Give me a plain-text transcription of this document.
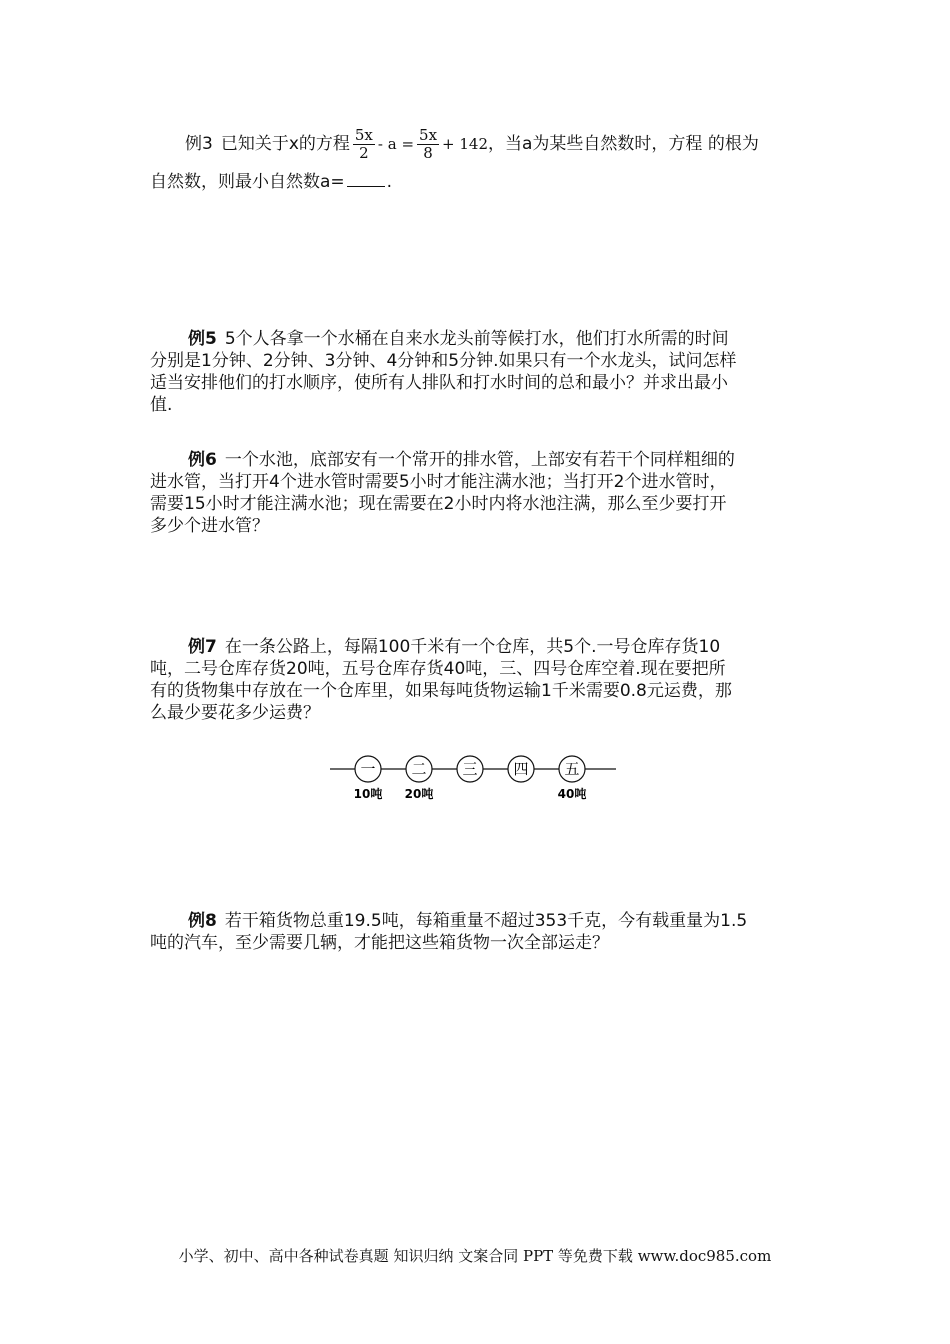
例3 已知关于x的方程 $\frac{5x}{2} - a = \frac{5x}{8} + 142$ ，当a为某些自然数时，方程 的根为
自然数，则最小自然数a= .
例5 5个人各拿一个水桶在自来水龙头前等候打水，他们打水所需的时间
分别是1分钟、2分钟、3分钟、4分钟和5分钟.如果只有一个水龙头，试问怎样
适当安排他们的打水顺序，使所有人排队和打水时间的总和最小？并求出最小
值.
例6 一个水池，底部安有一个常开的排水管，上部安有若干个同样粗细的
进水管，当打开4个进水管时需要5小时才能注满水池；当打开2个进水管时，
需要15小时才能注满水池；现在需要在2小时内将水池注满，那么至少要打开
多少个进水管？
例7 在一条公路上，每隔100千米有一个仓库，共5个.一号仓库存货10
吨，二号仓库存货20吨，五号仓库存货40吨，三、四号仓库空着.现在要把所
有的货物集中存放在一个仓库里，如果每吨货物运输1千米需要0.8元运费，那
么最少要花多少运费？
一
10吨
二
20吨
三 四 五
40吨
例8 若干箱货物总重19.5吨，每箱重量不超过353千克，今有载重量为1.5
吨的汽车，至少需要几辆，才能把这些箱货物一次全部运走？
小学、初中、高中各种试卷真题 知识归纳 文案合同 PPT 等免费下载 www.doc985.com
